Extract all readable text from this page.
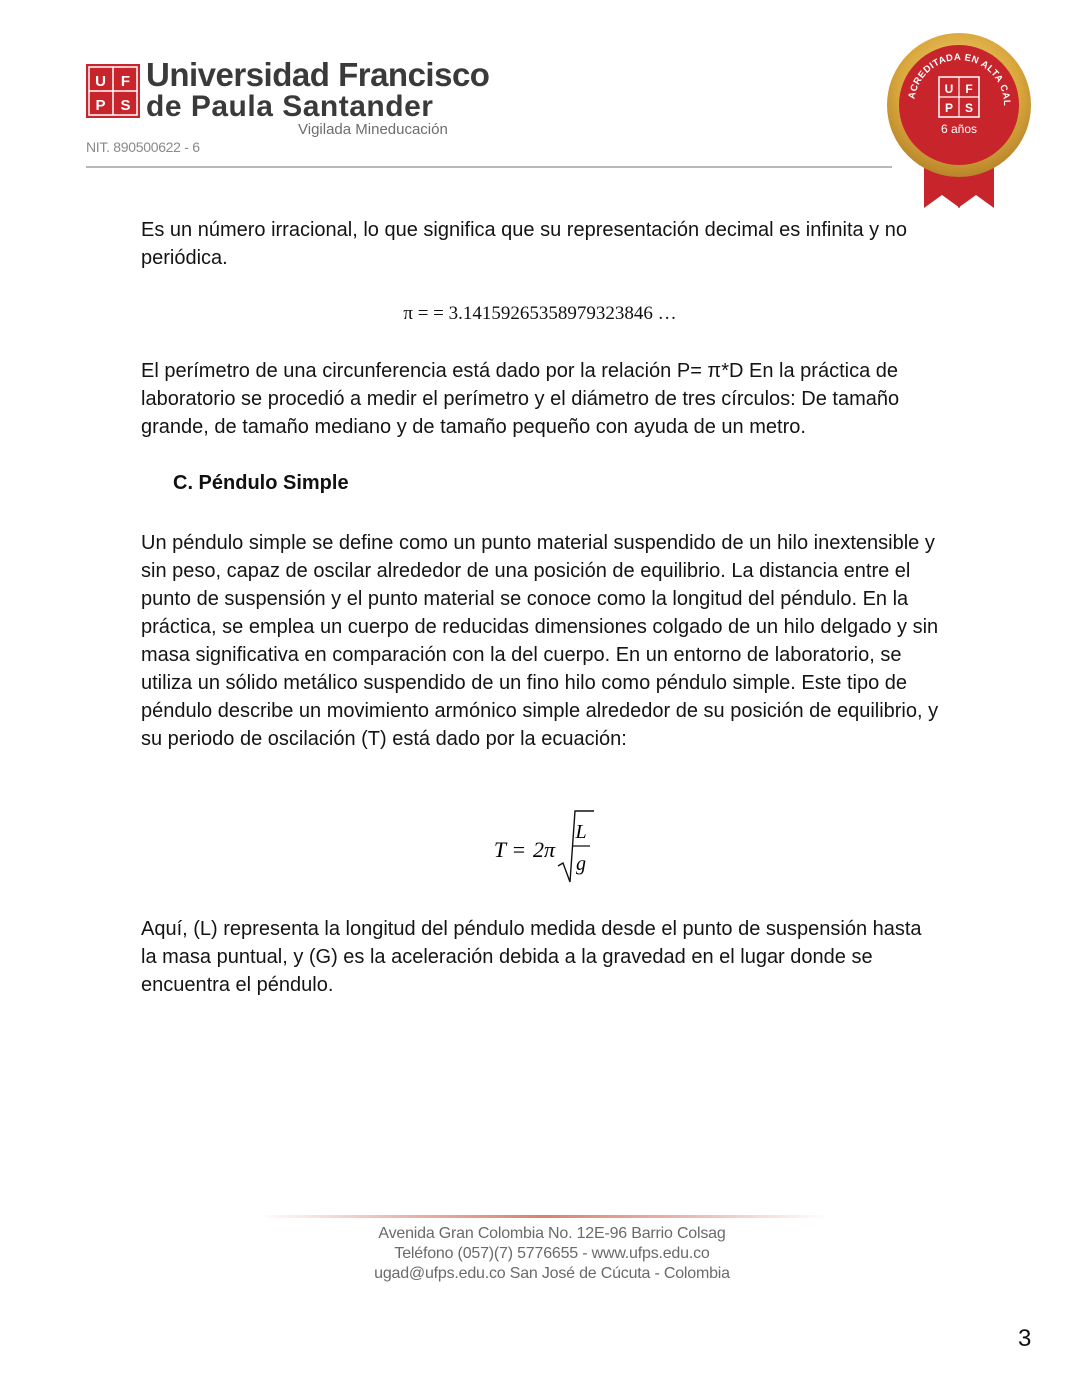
U F
P S
Universidad Francisco
de Paula Santander
Vigilada Mineducación
NIT. 890500622 - 6
ACREDITADA EN ALTA CAL
U F
P S
6 años
Es un número irracional, lo que significa que su representación decimal es infinita y no periódica.
π = = 3.14159265358979323846 …
El perímetro de una circunferencia está dado por la relación P= π*D En la práctica de laboratorio se procedió a medir el perímetro y el diámetro de tres círculos: De tamaño grande, de tamaño mediano y de tamaño pequeño con ayuda de un metro.
C. Péndulo Simple
Un péndulo simple se define como un punto material suspendido de un hilo inextensible y sin peso, capaz de oscilar alrededor de una posición de equilibrio. La distancia entre el punto de suspensión y el punto material se conoce como la longitud del péndulo. En la práctica, se emplea un cuerpo de reducidas dimensiones colgado de un hilo delgado y sin masa significativa en comparación con la del cuerpo. En un entorno de laboratorio, se utiliza un sólido metálico suspendido de un fino hilo como péndulo simple. Este tipo de péndulo describe un movimiento armónico simple alrededor de su posición de equilibrio, y su periodo de oscilación (T) está dado por la ecuación:
T = 2π
L
g
Aquí, (L) representa la longitud del péndulo medida desde el punto de suspensión hasta la masa puntual, y (G) es la aceleración debida a la gravedad en el lugar donde se encuentra el péndulo.
Avenida Gran Colombia No. 12E-96 Barrio Colsag
Teléfono (057)(7) 5776655 - www.ufps.edu.co
ugad@ufps.edu.co San José de Cúcuta - Colombia
3
